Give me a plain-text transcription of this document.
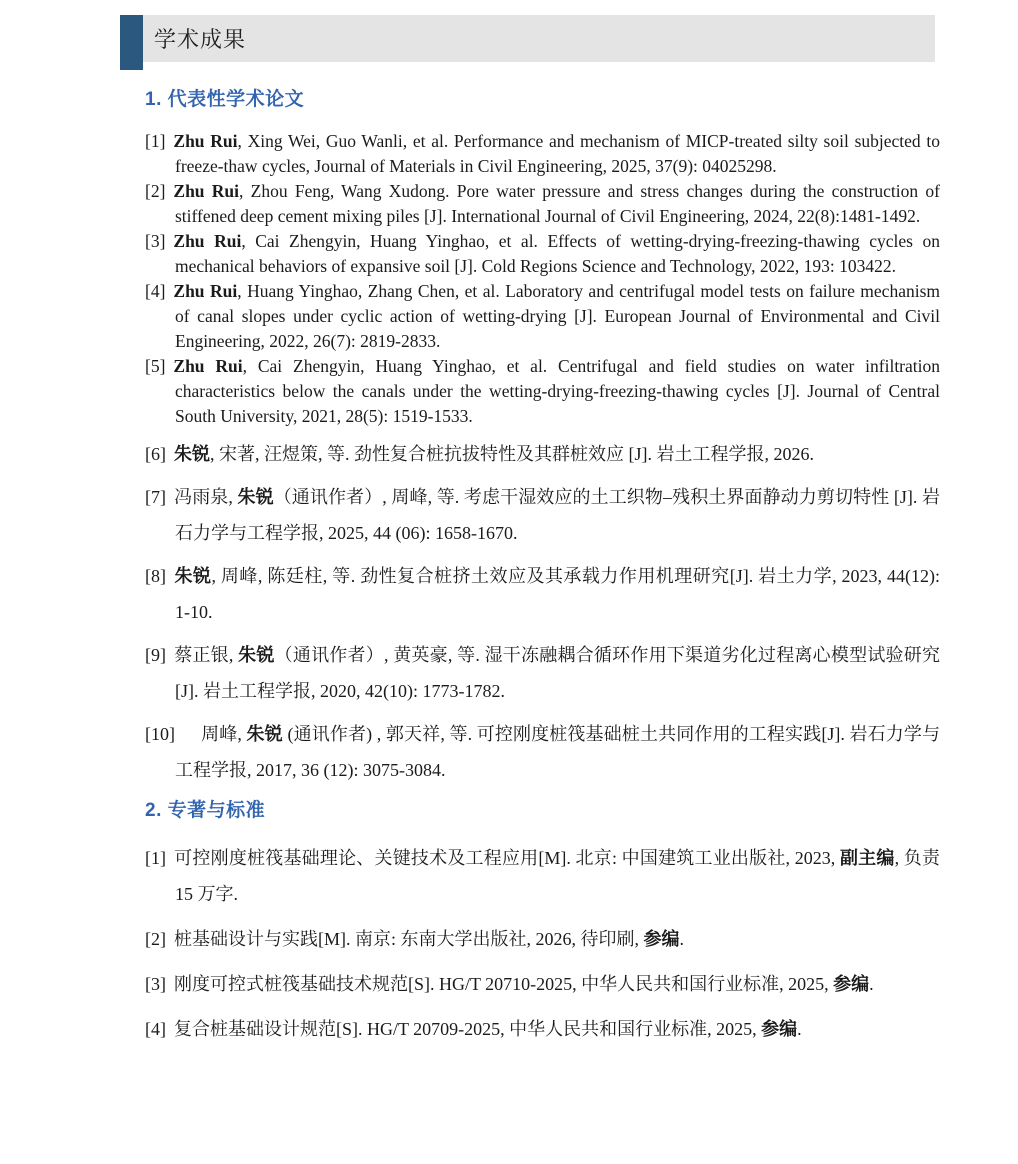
学术成果
1. 代表性学术论文
[1] Zhu Rui, Xing Wei, Guo Wanli, et al. Performance and mechanism of MICP-treated silty soil subjected to freeze-thaw cycles, Journal of Materials in Civil Engineering, 2025, 37(9): 04025298.
[2] Zhu Rui, Zhou Feng, Wang Xudong. Pore water pressure and stress changes during the construction of stiffened deep cement mixing piles [J]. International Journal of Civil Engineering, 2024, 22(8):1481-1492.
[3] Zhu Rui, Cai Zhengyin, Huang Yinghao, et al. Effects of wetting-drying-freezing-thawing cycles on mechanical behaviors of expansive soil [J]. Cold Regions Science and Technology, 2022, 193: 103422.
[4] Zhu Rui, Huang Yinghao, Zhang Chen, et al. Laboratory and centrifugal model tests on failure mechanism of canal slopes under cyclic action of wetting-drying [J]. European Journal of Environmental and Civil Engineering, 2022, 26(7): 2819-2833.
[5] Zhu Rui, Cai Zhengyin, Huang Yinghao, et al. Centrifugal and field studies on water infiltration characteristics below the canals under the wetting-drying-freezing-thawing cycles [J]. Journal of Central South University, 2021, 28(5): 1519-1533.
[6] 朱锐, 宋著, 汪煜策, 等. 劲性复合桩抗拔特性及其群桩效应 [J]. 岩土工程学报, 2026.
[7] 冯雨泉, 朱锐（通讯作者）, 周峰, 等. 考虑干湿效应的土工织物–残积土界面静动力剪切特性 [J]. 岩石力学与工程学报, 2025, 44 (06): 1658-1670.
[8] 朱锐, 周峰, 陈廷柱, 等. 劲性复合桩挤土效应及其承载力作用机理研究[J]. 岩土力学, 2023, 44(12): 1-10.
[9] 蔡正银, 朱锐（通讯作者）, 黄英豪, 等. 湿干冻融耦合循环作用下渠道劣化过程离心模型试验研究[J]. 岩土工程学报, 2020, 42(10): 1773-1782.
[10] 周峰, 朱锐 (通讯作者) , 郭天祥, 等. 可控刚度桩筏基础桩土共同作用的工程实践[J]. 岩石力学与工程学报, 2017, 36 (12): 3075-3084.
2. 专著与标准
[1] 可控刚度桩筏基础理论、关键技术及工程应用[M]. 北京: 中国建筑工业出版社, 2023, 副主编, 负责 15 万字.
[2] 桩基础设计与实践[M]. 南京: 东南大学出版社, 2026, 待印刷, 参编.
[3] 刚度可控式桩筏基础技术规范[S]. HG/T 20710-2025, 中华人民共和国行业标准, 2025, 参编.
[4] 复合桩基础设计规范[S]. HG/T 20709-2025, 中华人民共和国行业标准, 2025, 参编.
